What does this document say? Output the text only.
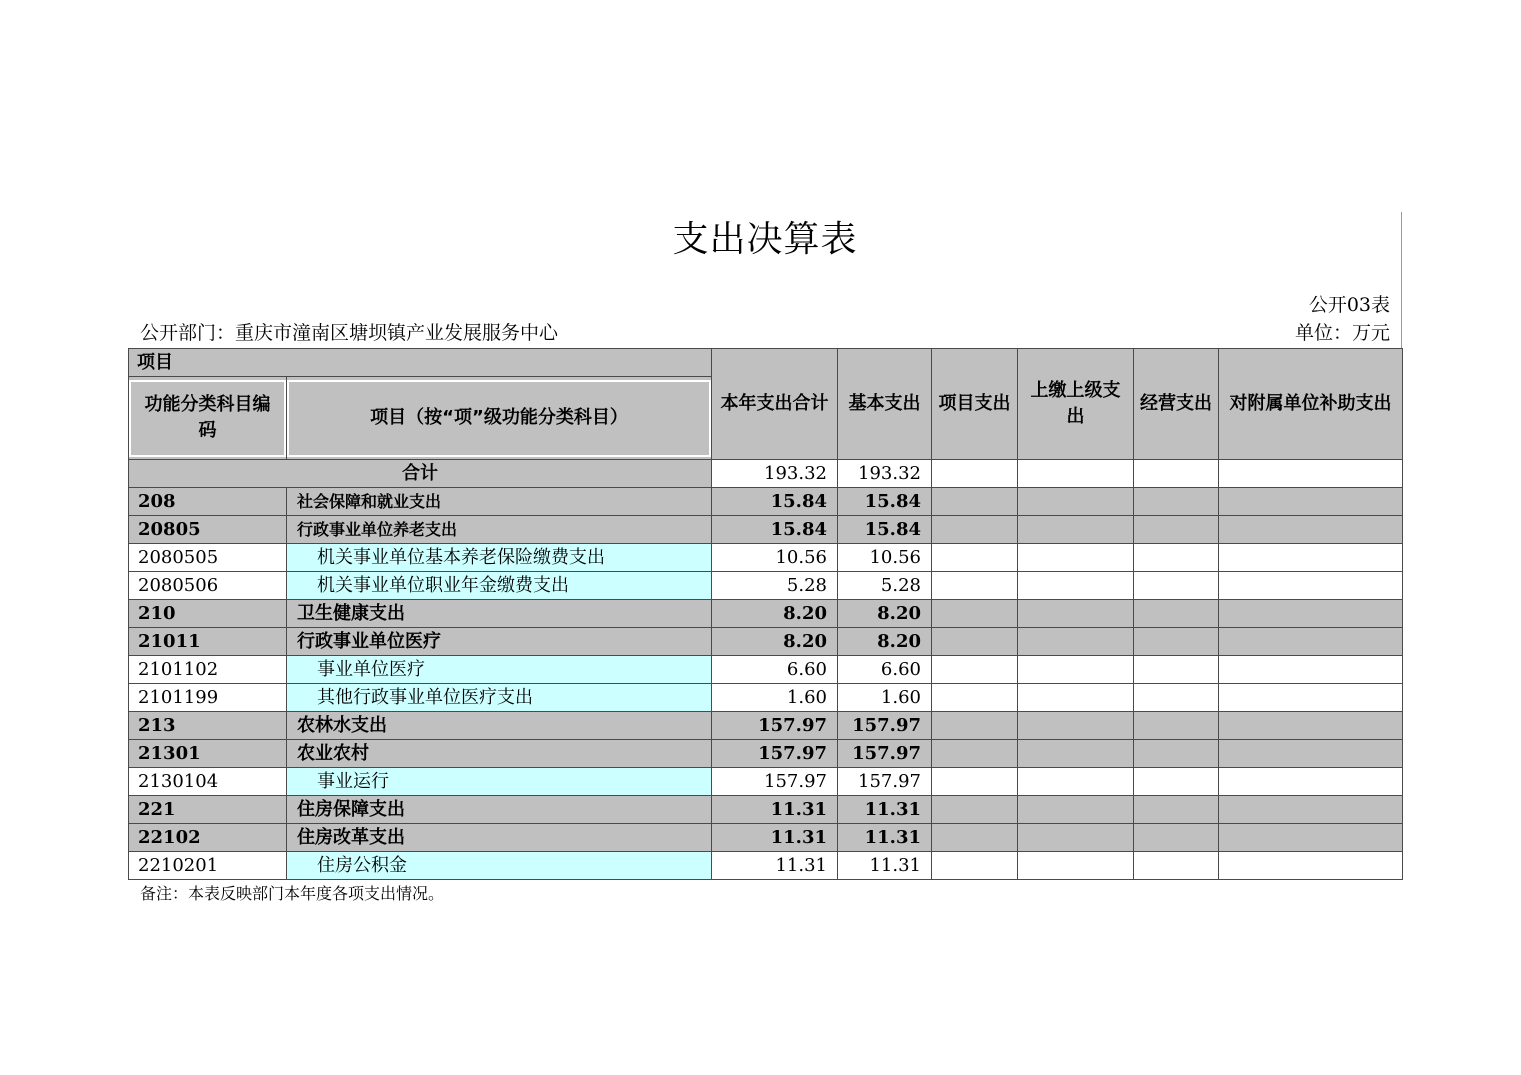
支出决算表
公开03表
公开部门：重庆市潼南区塘坝镇产业发展服务中心	单位：万元
项目		本年支出合计	基本支出	项目支出	上缴上级支出	经营支出	对附属单位补助支出

功能分类科目编码	项目（按“项”级功能分类科目）						

合计		193.32	193.32				
208	社会保障和就业支出	15.84	15.84				
20805	行政事业单位养老支出	15.84	15.84				
2080505	机关事业单位基本养老保险缴费支出	10.56	10.56				
2080506	机关事业单位职业年金缴费支出	5.28	5.28				
210	卫生健康支出	8.20	8.20				
21011	行政事业单位医疗	8.20	8.20				
2101102	事业单位医疗	6.60	6.60				
2101199	其他行政事业单位医疗支出	1.60	1.60				
213	农林水支出	157.97	157.97				
21301	农业农村	157.97	157.97				
2130104	事业运行	157.97	157.97				
221	住房保障支出	11.31	11.31				
22102	住房改革支出	11.31	11.31				
2210201	住房公积金	11.31	11.31				
备注：本表反映部门本年度各项支出情况。
